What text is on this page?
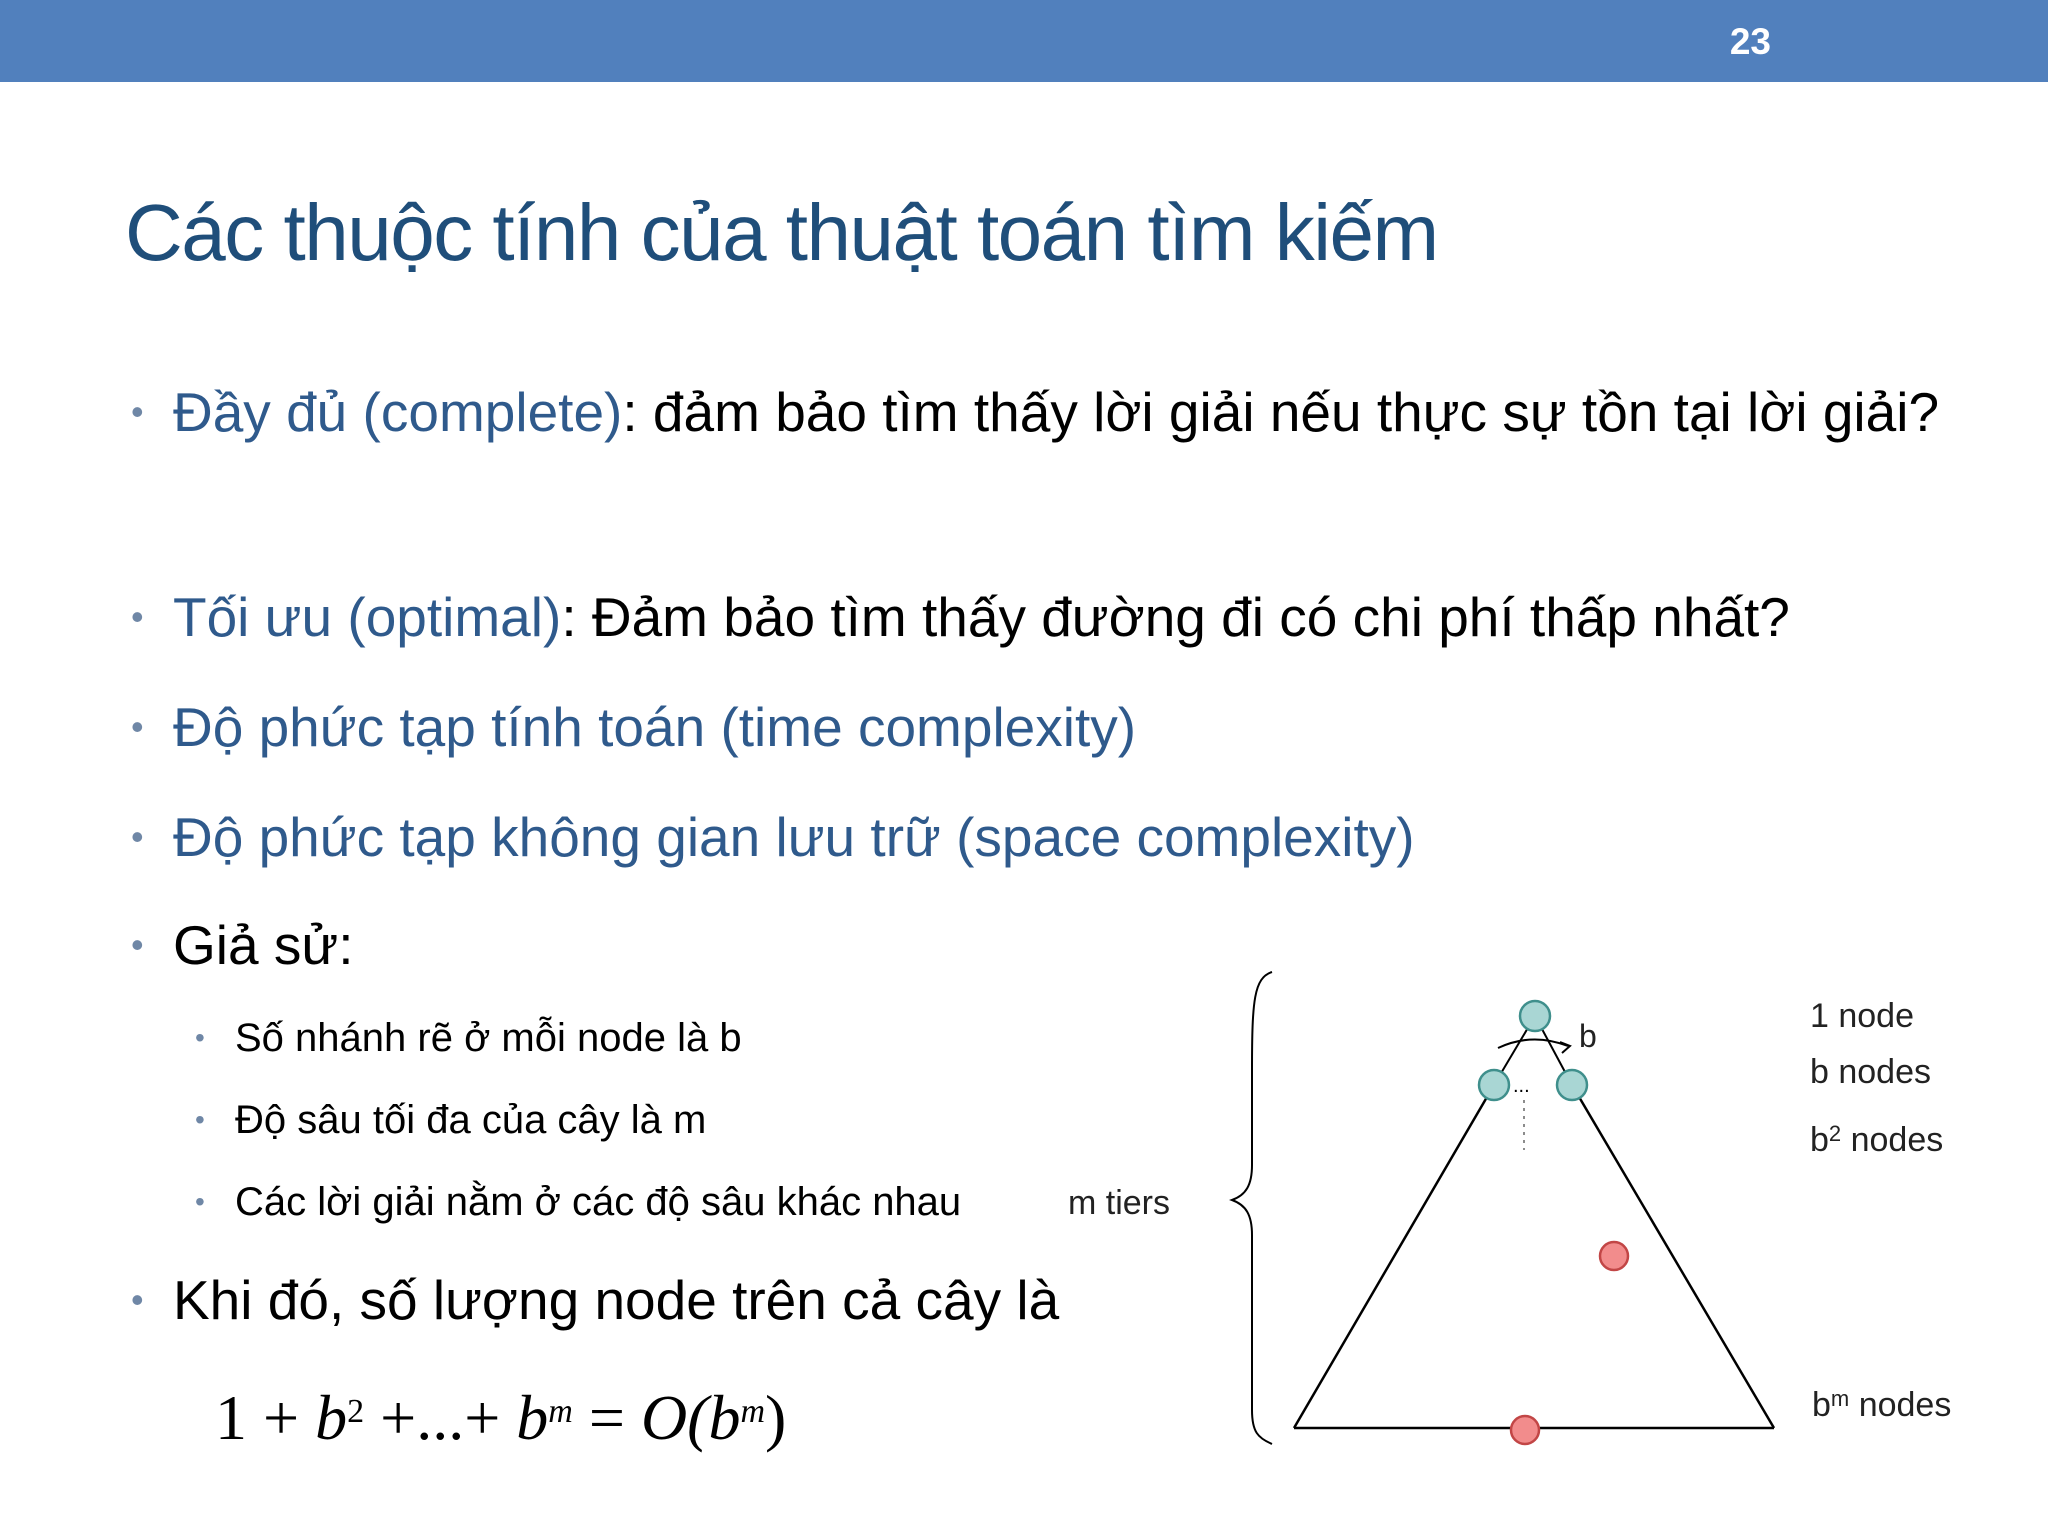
23
Các thuộc tính của thuật toán tìm kiếm
• Đầy đủ (complete): đảm bảo tìm thấy lời giải nếu thực sự tồn tại lời giải?
• Tối ưu (optimal): Đảm bảo tìm thấy đường đi có chi phí thấp nhất?
• Độ phức tạp tính toán (time complexity)
• Độ phức tạp không gian lưu trữ (space complexity)
• Giả sử:
• Số nhánh rẽ ở mỗi node là b
• Độ sâu tối đa của cây là m
• Các lời giải nằm ở các độ sâu khác nhau
• Khi đó, số lượng node trên cả cây là
$1 + b^2$ +...+ $b^m = O(b^m)$
m tiers
...
b
1 node
b nodes
$b^2$ nodes
$b^m$ nodes
